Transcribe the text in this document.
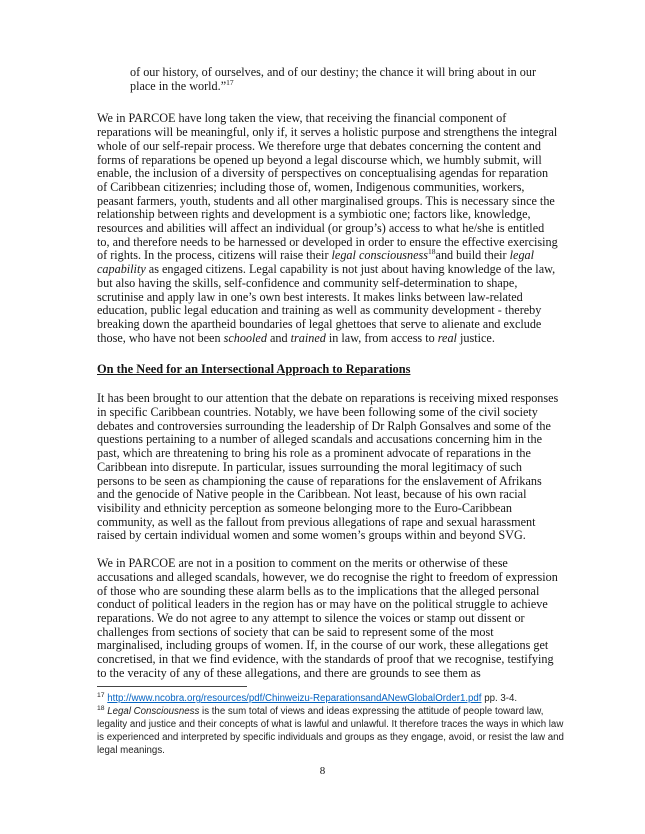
of our history, of ourselves, and of our destiny; the chance it will bring about in our place in the world.”$^{17}$

We in PARCOE have long taken the view, that receiving the financial component of reparations will be meaningful, only if, it serves a holistic purpose and strengthens the integral whole of our self-repair process. We therefore urge that debates concerning the content and forms of reparations be opened up beyond a legal discourse which, we humbly submit, will enable, the inclusion of a diversity of perspectives on conceptualising agendas for reparation of Caribbean citizenries; including those of, women, Indigenous communities, workers, peasant farmers, youth, students and all other marginalised groups. This is necessary since the relationship between rights and development is a symbiotic one; factors like, knowledge, resources and abilities will affect an individual (or group’s) access to what he/she is entitled to, and therefore needs to be harnessed or developed in order to ensure the effective exercising of rights. In the process, citizens will raise their legal consciousness$^{18}$and build their legal capability as engaged citizens. Legal capability is not just about having knowledge of the law, but also having the skills, self-confidence and community self-determination to shape, scrutinise and apply law in one’s own best interests. It makes links between law-related education, public legal education and training as well as community development - thereby breaking down the apartheid boundaries of legal ghettoes that serve to alienate and exclude those, who have not been schooled and trained in law, from access to real justice.

On the Need for an Intersectional Approach to Reparations

It has been brought to our attention that the debate on reparations is receiving mixed responses in specific Caribbean countries. Notably, we have been following some of the civil society debates and controversies surrounding the leadership of Dr Ralph Gonsalves and some of the questions pertaining to a number of alleged scandals and accusations concerning him in the past, which are threatening to bring his role as a prominent advocate of reparations in the Caribbean into disrepute. In particular, issues surrounding the moral legitimacy of such persons to be seen as championing the cause of reparations for the enslavement of Afrikans and the genocide of Native people in the Caribbean. Not least, because of his own racial visibility and ethnicity perception as someone belonging more to the Euro-Caribbean community, as well as the fallout from previous allegations of rape and sexual harassment raised by certain individual women and some women’s groups within and beyond SVG.

We in PARCOE are not in a position to comment on the merits or otherwise of these accusations and alleged scandals, however, we do recognise the right to freedom of expression of those who are sounding these alarm bells as to the implications that the alleged personal conduct of political leaders in the region has or may have on the political struggle to achieve reparations. We do not agree to any attempt to silence the voices or stamp out dissent or challenges from sections of society that can be said to represent some of the most marginalised, including groups of women. If, in the course of our work, these allegations get concretised, in that we find evidence, with the standards of proof that we recognise, testifying to the veracity of any of these allegations, and there are grounds to see them as

$^{17}$ http://www.ncobra.org/resources/pdf/Chinweizu-ReparationsandANewGlobalOrder1.pdf pp. 3-4.
$^{18}$ Legal Consciousness is the sum total of views and ideas expressing the attitude of people toward law, legality and justice and their concepts of what is lawful and unlawful. It therefore traces the ways in which law is experienced and interpreted by specific individuals and groups as they engage, avoid, or resist the law and legal meanings.
8
